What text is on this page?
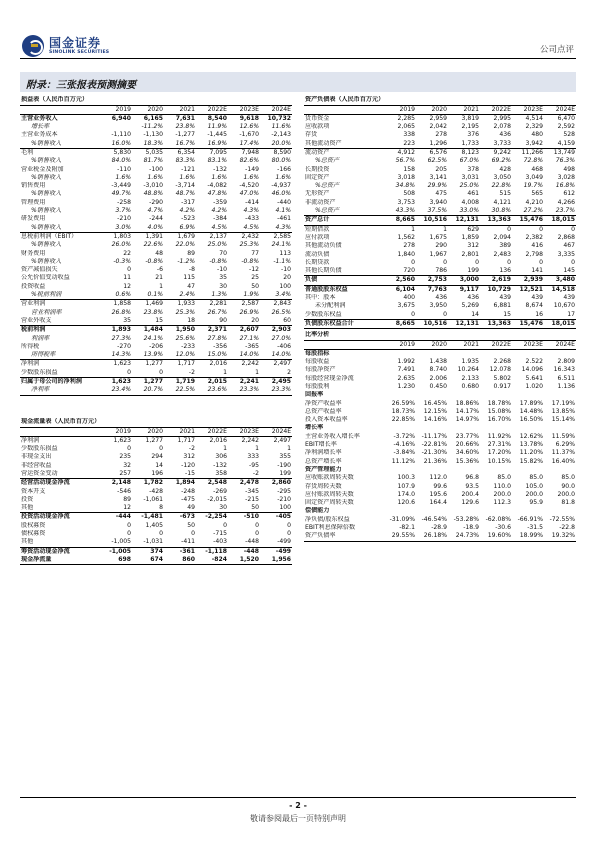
国金证券
SINOLINK SECURITIES	公司点评
附录：三张报表预测摘要
损益表（人民币百万元）						
	2019	2020	2021	2022E	2023E	2024E
主营业务收入	6,940	6,165	7,631	8,540	9,618	10,732
增长率		-11.2%	23.8%	11.9%	12.6%	11.6%
主营业务成本	-1,110	-1,130	-1,277	-1,445	-1,670	-2,143
%销售收入	16.0%	18.3%	16.7%	16.9%	17.4%	20.0%
毛利	5,830	5,035	6,354	7,095	7,948	8,590
%销售收入	84.0%	81.7%	83.3%	83.1%	82.6%	80.0%
营业税金及附加	-110	-100	-121	-132	-149	-166
%销售收入	1.6%	1.6%	1.6%	1.6%	1.6%	1.6%
销售费用	-3,449	-3,010	-3,714	-4,082	-4,520	-4,937
%销售收入	49.7%	48.8%	48.7%	47.8%	47.0%	46.0%
管理费用	-258	-290	-317	-359	-414	-440
%销售收入	3.7%	4.7%	4.2%	4.2%	4.3%	4.1%
研发费用	-210	-244	-523	-384	-433	-461
%销售收入	3.0%	4.0%	6.9%	4.5%	4.5%	4.3%
息税前利润（EBIT）	1,803	1,391	1,679	2,137	2,432	2,585
%销售收入	26.0%	22.6%	22.0%	25.0%	25.3%	24.1%
财务费用	22	48	89	70	77	113
%销售收入	-0.3%	-0.8%	-1.2%	-0.8%	-0.8%	-1.1%
资产减值损失	0	-6	-8	-10	-12	-10
公允价值变动收益	11	21	115	35	25	20
投资收益	12	1	47	30	50	100
%税前利润	0.6%	0.1%	2.4%	1.3%	1.9%	3.4%
营业利润	1,858	1,469	1,933	2,281	2,587	2,843
营业利润率	26.8%	23.8%	25.3%	26.7%	26.9%	26.5%
营业外收支	35	15	18	90	20	60
税前利润	1,893	1,484	1,950	2,371	2,607	2,903
利润率	27.3%	24.1%	25.6%	27.8%	27.1%	27.0%
所得税	-270	-206	-233	-356	-365	-406
所得税率	14.3%	13.9%	12.0%	15.0%	14.0%	14.0%
净利润	1,623	1,277	1,717	2,016	2,242	2,497
少数股东损益	0	0	-2	1	1	2
归属于母公司的净利润	1,623	1,277	1,719	2,015	2,241	2,495
净利率	23.4%	20.7%	22.5%	23.6%	23.3%	23.3%
资产负债表（人民币百万元）						
	2019	2020	2021	2022E	2023E	2024E
货币资金	2,285	2,959	3,819	2,995	4,514	6,470
应收款项	2,065	2,042	2,195	2,078	2,329	2,592
存货	338	278	376	436	480	528
其他流动资产	223	1,296	1,733	3,733	3,942	4,159
流动资产	4,912	6,576	8,123	9,242	11,266	13,749
%总资产	56.7%	62.5%	67.0%	69.2%	72.8%	76.3%
长期投资	158	205	378	428	468	498
固定资产	3,018	3,141	3,031	3,050	3,049	3,028
%总资产	34.8%	29.9%	25.0%	22.8%	19.7%	16.8%
无形资产	508	475	461	515	565	612
非流动资产	3,753	3,940	4,008	4,121	4,210	4,266
%总资产	43.3%	37.5%	33.0%	30.8%	27.2%	23.7%
资产总计	8,665	10,516	12,131	13,363	15,476	18,015
短期借款	1	1	629	0	0	0
应付款项	1,562	1,675	1,859	2,094	2,382	2,868
其他流动负债	278	290	312	389	416	467
流动负债	1,840	1,967	2,801	2,483	2,798	3,335
长期贷款	0	0	0	0	0	0
其他长期负债	720	786	199	136	141	145
负债	2,560	2,753	3,000	2,619	2,939	3,480
普通股股东权益	6,104	7,763	9,117	10,729	12,521	14,518
其中：股本	400	436	436	439	439	439
未分配利润	3,675	3,950	5,269	6,881	8,674	10,670
少数股东权益	0	0	14	15	16	17
负债股东权益合计	8,665	10,516	12,131	13,363	15,476	18,015
比率分析						
	2019	2020	2021	2022E	2023E	2024E
每股指标						
每股收益	1.992	1.438	1.935	2.268	2.522	2.809
每股净资产	7.491	8.740	10.264	12.078	14.096	16.343
每股经营现金净流	2.635	2.006	2.133	5.802	5.641	6.511
每股股利	1.230	0.450	0.680	0.917	1.020	1.136
回报率						
净资产收益率	26.59%	16.45%	18.86%	18.78%	17.89%	17.19%
总资产收益率	18.73%	12.15%	14.17%	15.08%	14.48%	13.85%
投入资本收益率	22.85%	14.16%	14.97%	16.70%	16.50%	15.14%
增长率						
主营业务收入增长率	-3.72%	-11.17%	23.77%	11.92%	12.62%	11.59%
EBIT增长率	-4.16%	-22.81%	20.66%	27.31%	13.78%	6.29%
净利润增长率	-3.84%	-21.30%	34.60%	17.20%	11.20%	11.37%
总资产增长率	11.12%	21.36%	15.36%	10.15%	15.82%	16.40%
资产管理能力						
应收账款周转天数	100.3	112.0	96.8	85.0	85.0	85.0
存货周转天数	107.9	99.6	93.5	110.0	105.0	90.0
应付账款周转天数	174.0	195.6	200.4	200.0	200.0	200.0
固定资产周转天数	120.6	164.4	129.6	112.3	95.9	81.8
偿债能力						
净负债/股东权益	-31.09%	-46.54%	-53.28%	-62.08%	-66.91%	-72.55%
EBIT利息保障倍数	-82.1	-28.9	-18.9	-30.6	-31.5	-22.8
资产负债率	29.55%	26.18%	24.73%	19.60%	18.99%	19.32%
现金流量表（人民币百万元）						
	2019	2020	2021	2022E	2023E	2024E
净利润	1,623	1,277	1,717	2,016	2,242	2,497
少数股东损益	0	0	-2	1	1	1
非现金支出	235	294	312	306	333	355
非经营收益	32	14	-120	-132	-95	-190
营运资金变动	257	196	-15	358	-2	199
经营活动现金净流	2,148	1,782	1,894	2,548	2,478	2,860
资本开支	-546	-428	-248	-269	-345	-295
投资	89	-1,061	-475	-2,015	-215	-210
其他	12	8	49	30	50	100
投资活动现金净流	-444	-1,481	-673	-2,254	-510	-405
股权募资	0	1,405	50	0	0	0
债权募资	0	0	0	-715	0	0
其他	-1,005	-1,031	-411	-403	-448	-499
筹资活动现金净流	-1,005	374	-361	-1,118	-448	-499
现金净流量	698	674	860	-824	1,520	1,956
- 2 -
敬请参阅最后一页特别声明
